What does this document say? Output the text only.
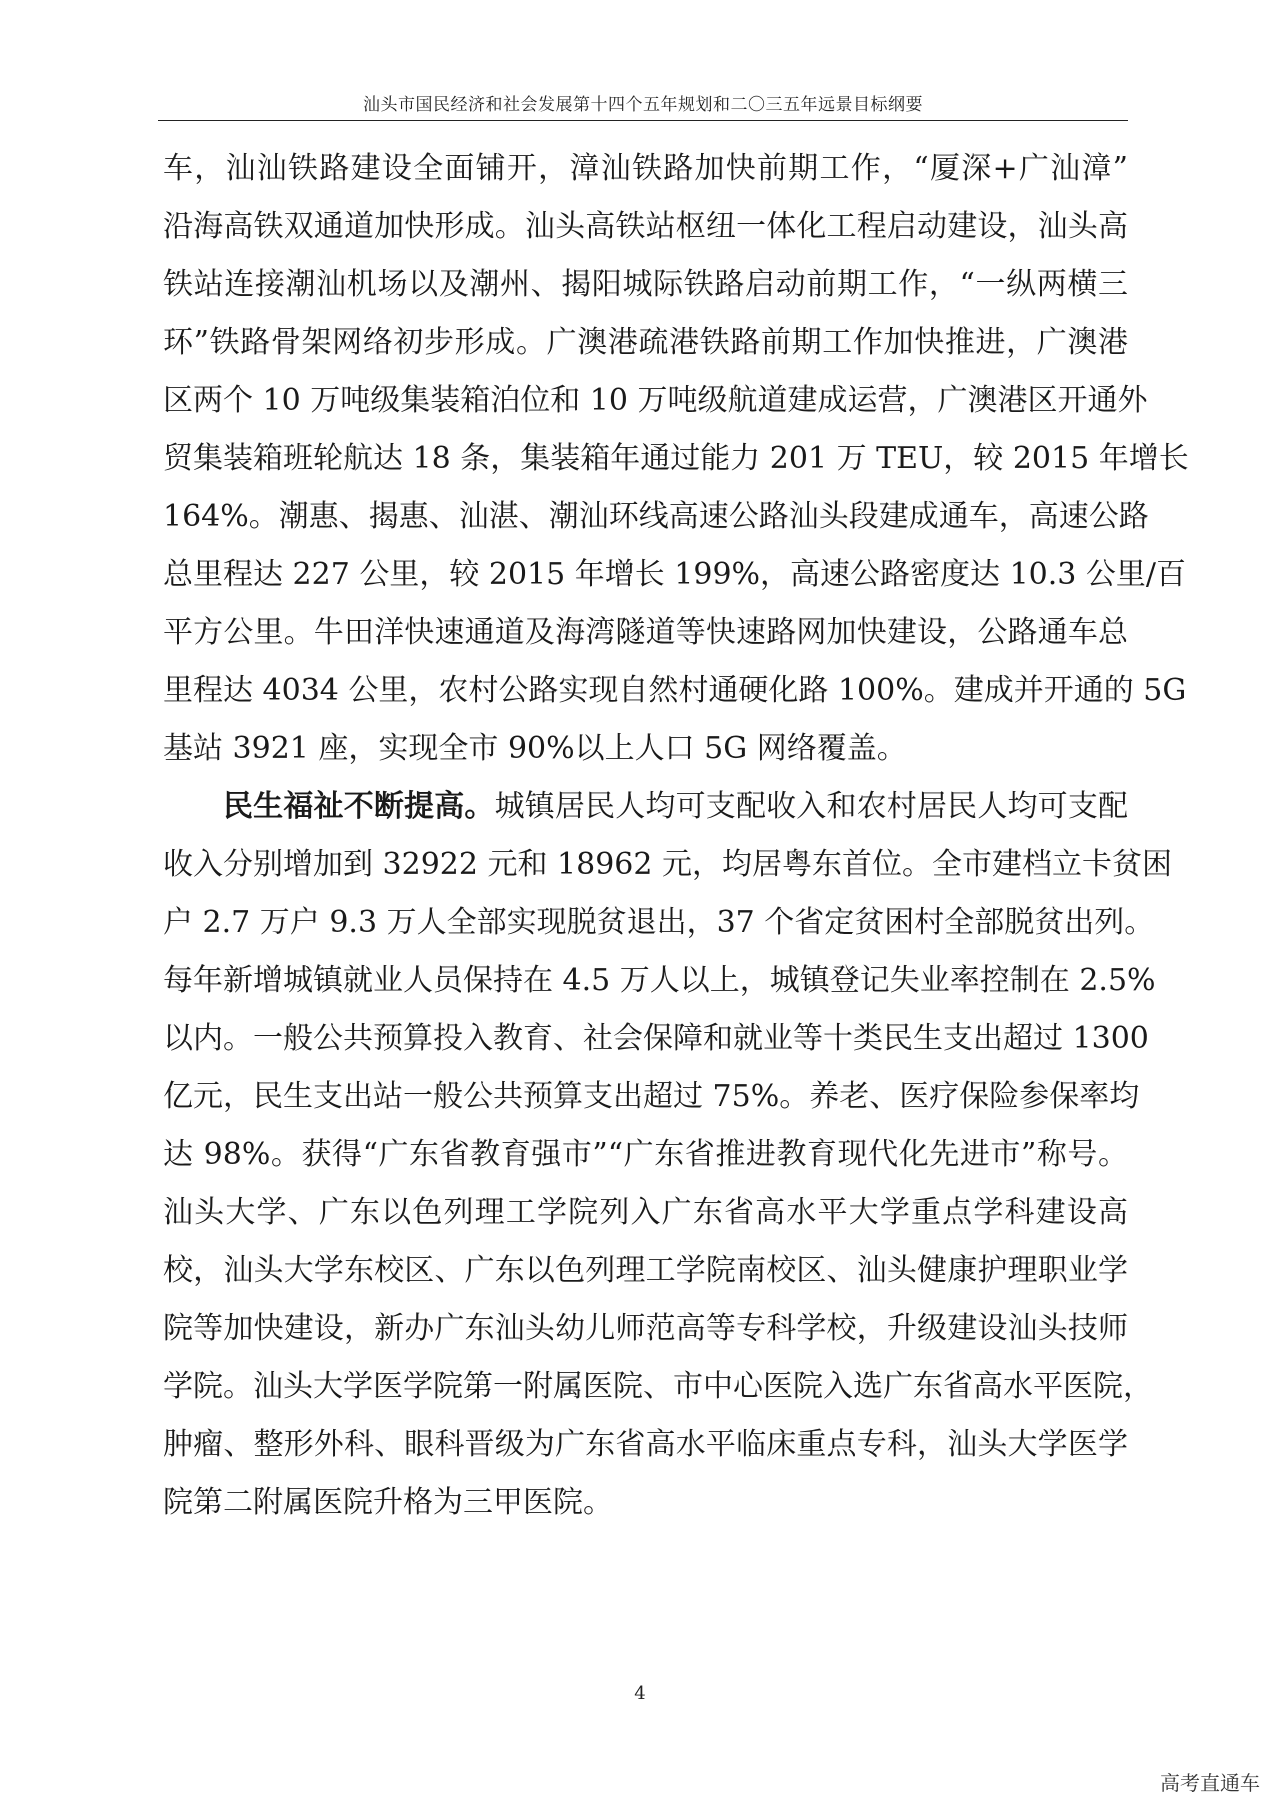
汕头市国民经济和社会发展第十四个五年规划和二〇三五年远景目标纲要
车，汕汕铁路建设全面铺开，漳汕铁路加快前期工作，“厦深+广汕漳”
沿海高铁双通道加快形成。汕头高铁站枢纽一体化工程启动建设，汕头高
铁站连接潮汕机场以及潮州、揭阳城际铁路启动前期工作，“一纵两横三
环”铁路骨架网络初步形成。广澳港疏港铁路前期工作加快推进，广澳港
区两个 10 万吨级集装箱泊位和 10 万吨级航道建成运营，广澳港区开通外
贸集装箱班轮航达 18 条，集装箱年通过能力 201 万 TEU，较 2015 年增长
164%。潮惠、揭惠、汕湛、潮汕环线高速公路汕头段建成通车，高速公路
总里程达 227 公里，较 2015 年增长 199%，高速公路密度达 10.3 公里/百
平方公里。牛田洋快速通道及海湾隧道等快速路网加快建设，公路通车总
里程达 4034 公里，农村公路实现自然村通硬化路 100%。建成并开通的 5G
基站 3921 座，实现全市 90%以上人口 5G 网络覆盖。
民生福祉不断提高。城镇居民人均可支配收入和农村居民人均可支配
收入分别增加到 32922 元和 18962 元，均居粤东首位。全市建档立卡贫困
户 2.7 万户 9.3 万人全部实现脱贫退出，37 个省定贫困村全部脱贫出列。
每年新增城镇就业人员保持在 4.5 万人以上，城镇登记失业率控制在 2.5%
以内。一般公共预算投入教育、社会保障和就业等十类民生支出超过 1300
亿元，民生支出站一般公共预算支出超过 75%。养老、医疗保险参保率均
达 98%。获得“广东省教育强市”“广东省推进教育现代化先进市”称号。
汕头大学、广东以色列理工学院列入广东省高水平大学重点学科建设高
校，汕头大学东校区、广东以色列理工学院南校区、汕头健康护理职业学
院等加快建设，新办广东汕头幼儿师范高等专科学校，升级建设汕头技师
学院。汕头大学医学院第一附属医院、市中心医院入选广东省高水平医院，
肿瘤、整形外科、眼科晋级为广东省高水平临床重点专科，汕头大学医学
院第二附属医院升格为三甲医院。
4
高考直通车
